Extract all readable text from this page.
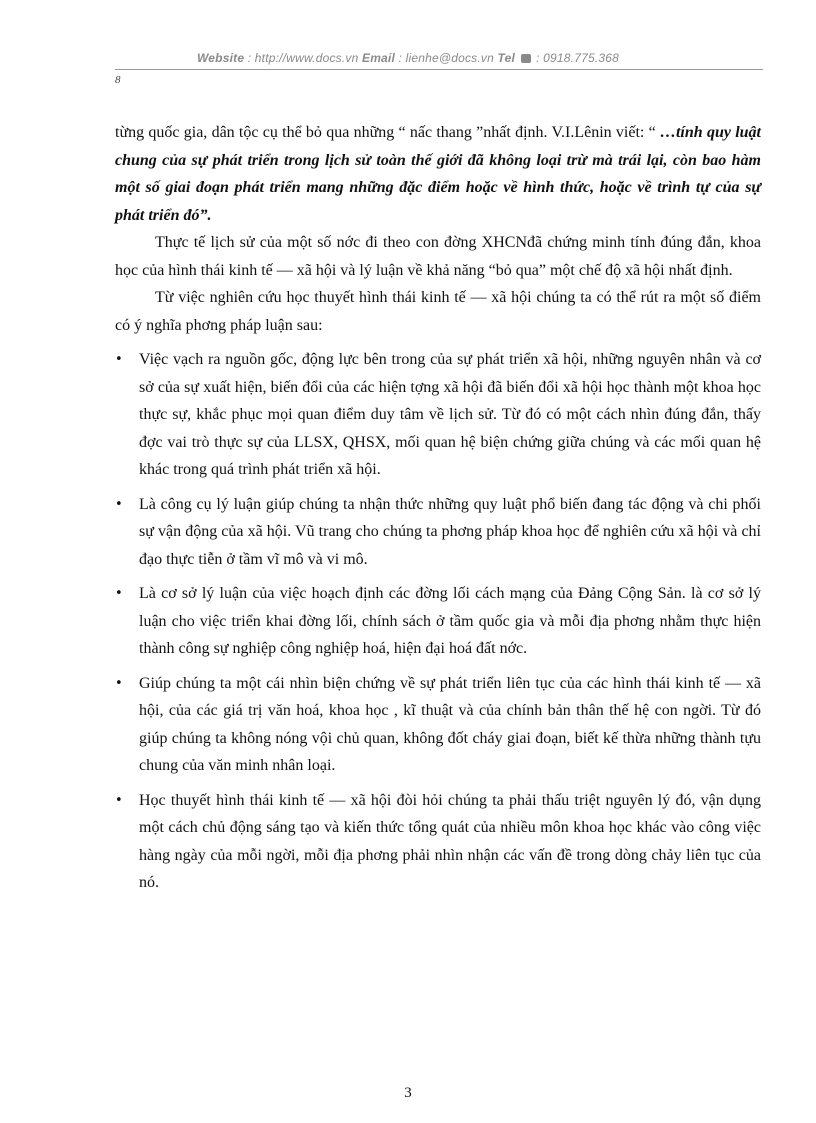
Website : http://www.docs.vn Email : lienhe@docs.vn Tel  : 0918.775.368
8

từng quốc gia, dân tộc cụ thể bỏ qua những “ nấc thang ”nhất định. V.I.Lênin viết: “ …tính quy luật chung của sự phát triển trong lịch sử toàn thế giới đã không loại trừ mà trái lại, còn bao hàm một số giai đoạn phát triển mang những đặc điểm hoặc về hình thức, hoặc về trình tự của sự phát triển đó”.

Thực tế lịch sử của một số nớc đi theo con đờng XHCNđã chứng minh tính đúng đắn, khoa học của hình thái kinh tế — xã hội và lý luận về khả năng “bỏ qua” một chế độ xã hội nhất định.

Từ việc nghiên cứu học thuyết hình thái kinh tế — xã hội chúng ta có thể rút ra một số điểm có ý nghĩa phơng pháp luận sau:

• Việc vạch ra nguồn gốc, động lực bên trong của sự phát triển xã hội, những nguyên nhân và cơ sở của sự xuất hiện, biến đổi của các hiện tợng xã hội đã biến đổi xã hội học thành một khoa học thực sự, khắc phục mọi quan điểm duy tâm về lịch sử. Từ đó có một cách nhìn đúng đắn, thấy đợc vai trò thực sự của LLSX, QHSX, mối quan hệ biện chứng giữa chúng và các mối quan hệ khác trong quá trình phát triển xã hội.

• Là công cụ lý luận giúp chúng ta nhận thức những quy luật phổ biến đang tác động và chi phối sự vận động của xã hội. Vũ trang cho chúng ta phơng pháp khoa học để nghiên cứu xã hội và chỉ đạo thực tiễn ở tầm vĩ mô và vi mô.

• Là cơ sở lý luận của việc hoạch định các đờng lối cách mạng của Đảng Cộng Sản. là cơ sở lý luận cho việc triển khai đờng lối, chính sách ở tầm quốc gia và mỗi địa phơng nhằm thực hiện thành công sự nghiệp công nghiệp hoá, hiện đại hoá đất nớc.

• Giúp chúng ta một cái nhìn biện chứng về sự phát triển liên tục của các hình thái kinh tế — xã hội, của các giá trị văn hoá, khoa học , kĩ thuật và của chính bản thân thế hệ con ngời. Từ đó giúp chúng ta không nóng vội chủ quan, không đốt cháy giai đoạn, biết kế thừa những thành tựu chung của văn minh nhân loại.

• Học thuyết hình thái kinh tế — xã hội đòi hỏi chúng ta phải thấu triệt nguyên lý đó, vận dụng một cách chủ động sáng tạo và kiến thức tổng quát của nhiều môn khoa học khác vào công việc hàng ngày của mỗi ngời, mỗi địa phơng phải nhìn nhận các vấn đề trong dòng chảy liên tục của nó.

3
